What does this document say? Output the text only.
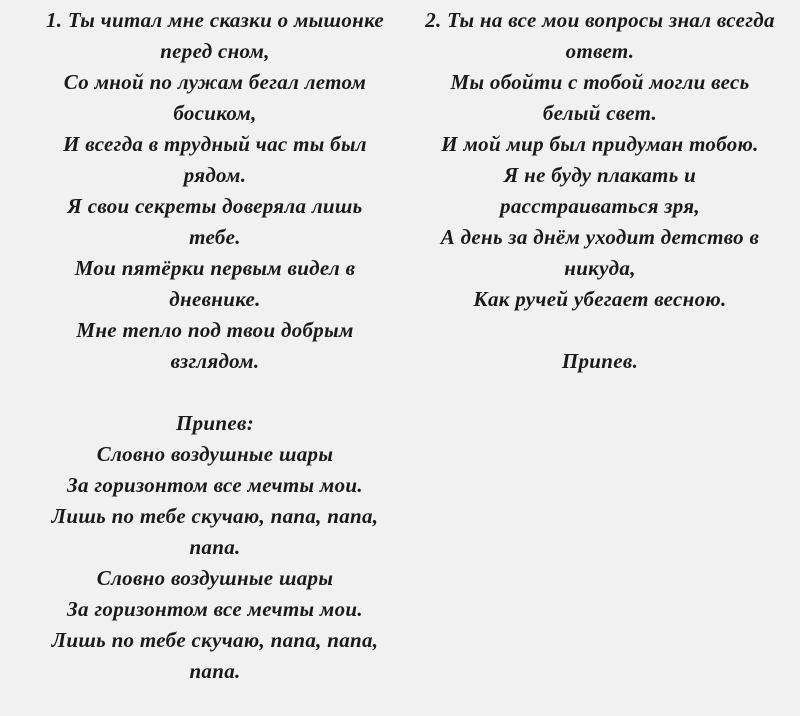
1. Ты читал мне сказки о мышонке
перед сном,
Со мной по лужам бегал летом
босиком,
И всегда в трудный час ты был
рядом.
Я свои секреты доверяла лишь
тебе.
Мои пятёрки первым видел в
дневнике.
Мне тепло под твои добрым
взглядом.
Припев:
Словно воздушные шары
За горизонтом все мечты мои.
Лишь по тебе скучаю, папа, папа,
папа.
Словно воздушные шары
За горизонтом все мечты мои.
Лишь по тебе скучаю, папа, папа,
папа.
2. Ты на все мои вопросы знал всегда
ответ.
Мы обойти с тобой могли весь
белый свет.
И мой мир был придуман тобою.
Я не буду плакать и
расстраиваться зря,
А день за днём уходит детство в
никуда,
Как ручей убегает весною.
Припев.
